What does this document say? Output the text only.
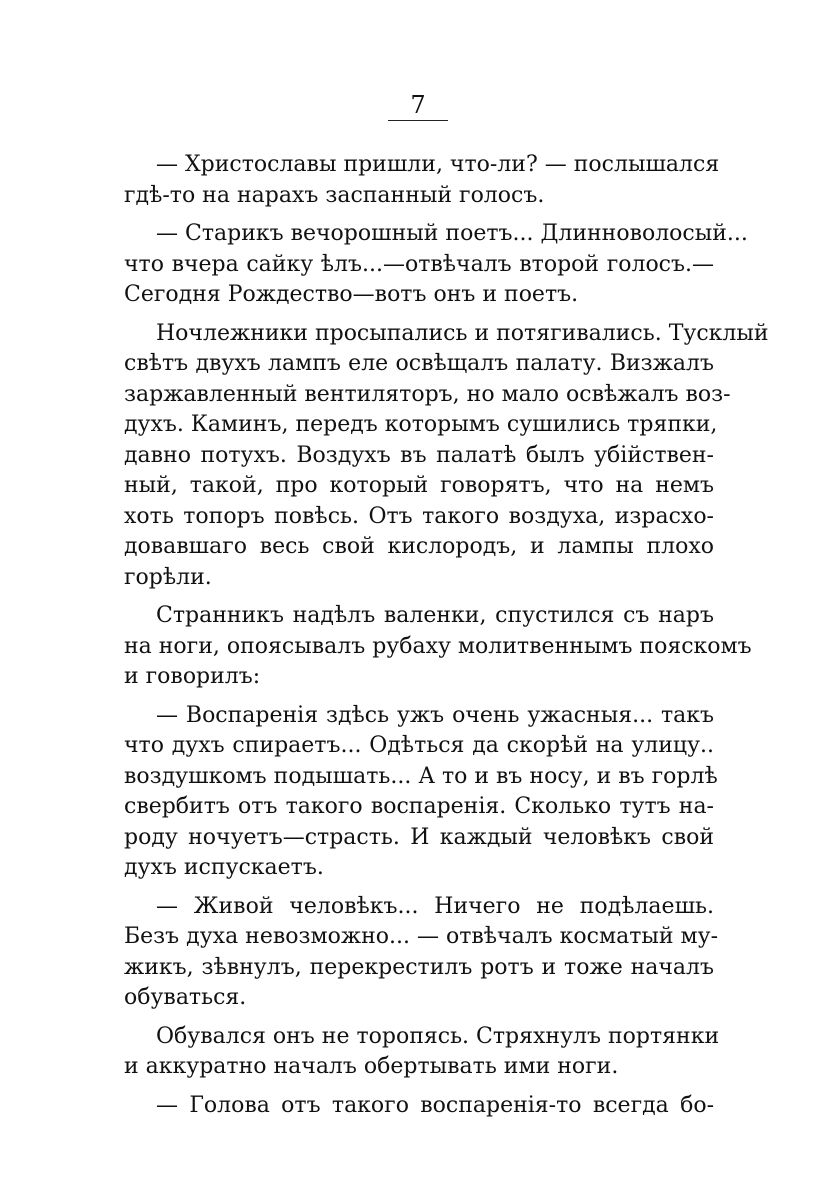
7
— Христославы пришли, что-ли? — послышался
гдѣ-то на нарахъ заспанный голосъ.
— Старикъ вечорошный поетъ... Длинноволосый...
что вчера сайку ѣлъ...—отвѣчалъ второй голосъ.—
Сегодня Рождество—вотъ онъ и поетъ.
Ночлежники просыпались и потягивались. Тусклый
свѣтъ двухъ лампъ еле освѣщалъ палату. Визжалъ
заржавленный вентиляторъ, но мало освѣжалъ воз-
духъ. Каминъ, передъ которымъ сушились тряпки,
давно потухъ. Воздухъ въ палатѣ былъ убійствен-
ный, такой, про который говорятъ, что на немъ
хоть топоръ повѣсь. Отъ такого воздуха, израсхо-
довавшаго весь свой кислородъ, и лампы плохо
горѣли.
Странникъ надѣлъ валенки, спустился съ наръ
на ноги, опоясывалъ рубаху молитвеннымъ пояскомъ
и говорилъ:
— Воспаренія здѣсь ужъ очень ужасныя... такъ
что духъ спираетъ... Одѣться да скорѣй на улицу..
воздушкомъ подышать... А то и въ носу, и въ горлѣ
свербитъ отъ такого воспаренія. Сколько тутъ на-
роду ночуетъ—страсть. И каждый человѣкъ свой
духъ испускаетъ.
— Живой человѣкъ... Ничего не подѣлаешь.
Безъ духа невозможно... — отвѣчалъ косматый му-
жикъ, зѣвнулъ, перекрестилъ ротъ и тоже началъ
обуваться.
Обувался онъ не торопясь. Стряхнулъ портянки
и аккуратно началъ обертывать ими ноги.
— Голова отъ такого воспаренія-то всегда бо-
